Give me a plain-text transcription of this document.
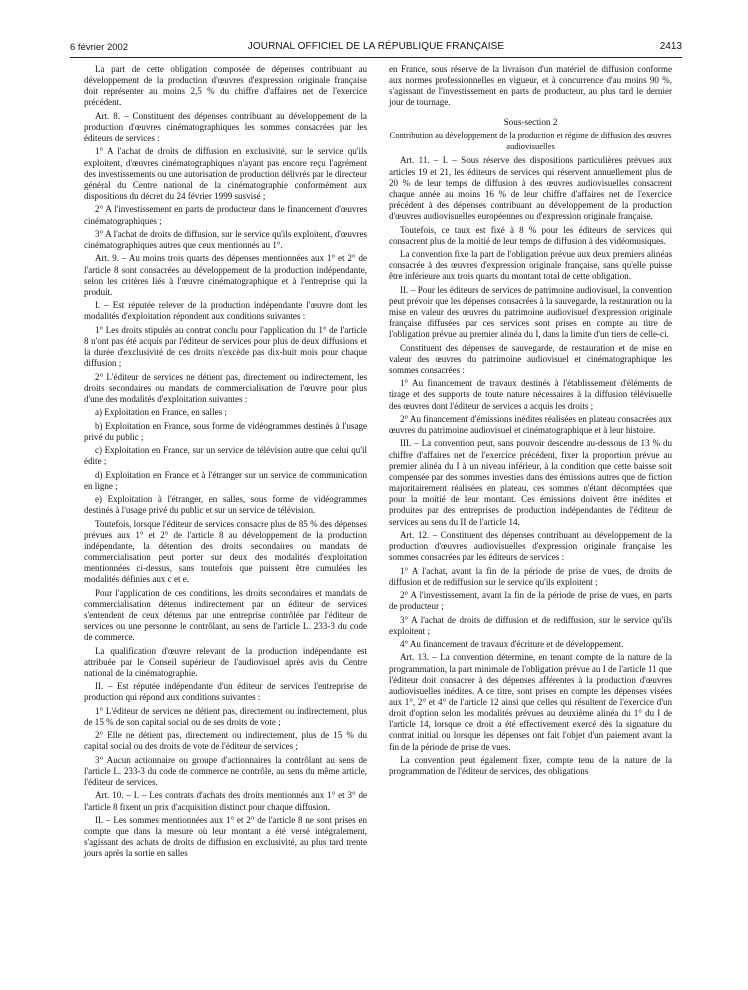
6 février 2002	JOURNAL OFFICIEL DE LA RÉPUBLIQUE FRANÇAISE	2413

La part de cette obligation composée de dépenses contribuant au développement de la production d'œuvres d'expression originale française doit représenter au moins 2,5 % du chiffre d'affaires net de l'exercice précédent.

Art. 8. – Constituent des dépenses contribuant au développement de la production d'œuvres cinématographiques les sommes consacrées par les éditeurs de services :

1° A l'achat de droits de diffusion en exclusivité, sur le service qu'ils exploitent, d'œuvres cinématographiques n'ayant pas encore reçu l'agrément des investissements ou une autorisation de production délivrés par le directeur général du Centre national de la cinématographie conformément aux dispositions du décret du 24 février 1999 susvisé ;

2° A l'investissement en parts de producteur dans le financement d'œuvres cinématographiques ;

3° A l'achat de droits de diffusion, sur le service qu'ils exploitent, d'œuvres cinématographiques autres que ceux mentionnés au 1°.

Art. 9. – Au moins trois quarts des dépenses mentionnées aux 1° et 2° de l'article 8 sont consacrées au développement de la production indépendante, selon les critères liés à l'œuvre cinématographique et à l'entreprise qui la produit.

I. – Est réputée relever de la production indépendante l'œuvre dont les modalités d'exploitation répondent aux conditions suivantes :

1° Les droits stipulés au contrat conclu pour l'application du 1° de l'article 8 n'ont pas été acquis par l'éditeur de services pour plus de deux diffusions et la durée d'exclusivité de ces droits n'excède pas dix-huit mois pour chaque diffusion ;

2° L'éditeur de services ne détient pas, directement ou indirectement, les droits secondaires ou mandats de commercialisation de l'œuvre pour plus d'une des modalités d'exploitation suivantes :

a) Exploitation en France, en salles ;

b) Exploitation en France, sous forme de vidéogrammes destinés à l'usage privé du public ;

c) Exploitation en France, sur un service de télévision autre que celui qu'il édite ;

d) Exploitation en France et à l'étranger sur un service de communication en ligne ;

e) Exploitation à l'étranger, en salles, sous forme de vidéogrammes destinés à l'usage privé du public et sur un service de télévision.

Toutefois, lorsque l'éditeur de services consacre plus de 85 % des dépenses prévues aux 1° et 2° de l'article 8 au développement de la production indépendante, la détention des droits secondaires ou mandats de commercialisation peut porter sur deux des modalités d'exploitation mentionnées ci-dessus, sans toutefois que puissent être cumulées les modalités définies aux c et e.

Pour l'application de ces conditions, les droits secondaires et mandats de commercialisation détenus indirectement par un éditeur de services s'entendent de ceux détenus par une entreprise contrôlée par l'éditeur de services ou une personne le contrôlant, au sens de l'article L. 233-3 du code de commerce.

La qualification d'œuvre relevant de la production indépendante est attribuée par le Conseil supérieur de l'audiovisuel après avis du Centre national de la cinématographie.

II. – Est réputée indépendante d'un éditeur de services l'entreprise de production qui répond aux conditions suivantes :

1° L'éditeur de services ne détient pas, directement ou indirectement, plus de 15 % de son capital social ou de ses droits de vote ;

2° Elle ne détient pas, directement ou indirectement, plus de 15 % du capital social ou des droits de vote de l'éditeur de services ;

3° Aucun actionnaire ou groupe d'actionnaires la contrôlant au sens de l'article L. 233-3 du code de commerce ne contrôle, au sens du même article, l'éditeur de services.

Art. 10. – I. – Les contrats d'achats des droits mentionnés aux 1° et 3° de l'article 8 fixent un prix d'acquisition distinct pour chaque diffusion.

II. – Les sommes mentionnées aux 1° et 2° de l'article 8 ne sont prises en compte que dans la mesure où leur montant a été versé intégralement, s'agissant des achats de droits de diffusion en exclusivité, au plus tard trente jours après la sortie en salles

en France, sous réserve de la livraison d'un matériel de diffusion conforme aux normes professionnelles en vigueur, et à concurrence d'au moins 90 %, s'agissant de l'investissement en parts de producteur, au plus tard le dernier jour de tournage.

Sous-section 2
Contribution au développement de la production et régime de diffusion des œuvres audiovisuelles

Art. 11. – I. – Sous réserve des dispositions particulières prévues aux articles 19 et 21, les éditeurs de services qui réservent annuellement plus de 20 % de leur temps de diffusion à des œuvres audiovisuelles consacrent chaque année au moins 16 % de leur chiffre d'affaires net de l'exercice précédent à des dépenses contribuant au développement de la production d'œuvres audiovisuelles européennes ou d'expression originale française.

Toutefois, ce taux est fixé à 8 % pour les éditeurs de services qui consacrent plus de la moitié de leur temps de diffusion à des vidéomusiques.

La convention fixe la part de l'obligation prévue aux deux premiers alinéas consacrée à des œuvres d'expression originale française, sans qu'elle puisse être inférieure aux trois quarts du montant total de cette obligation.

II. – Pour les éditeurs de services de patrimoine audiovisuel, la convention peut prévoir que les dépenses consacrées à la sauvegarde, la restauration ou la mise en valeur des œuvres du patrimoine audiovisuel d'expression originale française diffusées par ces services sont prises en compte au titre de l'obligation prévue au premier alinéa du I, dans la limite d'un tiers de celle-ci.

Constituent des dépenses de sauvegarde, de restauration et de mise en valeur des œuvres du patrimoine audiovisuel et cinématographique les sommes consacrées :

1° Au financement de travaux destinés à l'établissement d'éléments de tirage et des supports de toute nature nécessaires à la diffusion télévisuelle des œuvres dont l'éditeur de services a acquis les droits ;

2° Au financement d'émissions inédites réalisées en plateau consacrées aux œuvres du patrimoine audiovisuel et cinématographique et à leur histoire.

III. – La convention peut, sans pouvoir descendre au-dessous de 13 % du chiffre d'affaires net de l'exercice précédent, fixer la proportion prévue au premier alinéa du I à un niveau inférieur, à la condition que cette baisse soit compensée par des sommes investies dans des émissions autres que de fiction majoritairement réalisées en plateau, ces sommes n'étant décomptées que pour la moitié de leur montant. Ces émissions doivent être inédites et produites par des entreprises de production indépendantes de l'éditeur de services au sens du II de l'article 14.

Art. 12. – Constituent des dépenses contribuant au développement de la production d'œuvres audiovisuelles d'expression originale française les sommes consacrées par les éditeurs de services :

1° A l'achat, avant la fin de la période de prise de vues, de droits de diffusion et de rediffusion sur le service qu'ils exploitent ;

2° A l'investissement, avant la fin de la période de prise de vues, en parts de producteur ;

3° A l'achat de droits de diffusion et de rediffusion, sur le service qu'ils exploitent ;

4° Au financement de travaux d'écriture et de développement.

Art. 13. – La convention détermine, en tenant compte de la nature de la programmation, la part minimale de l'obligation prévue au I de l'article 11 que l'éditeur doit consacrer à des dépenses afférentes à la production d'œuvres audiovisuelles inédites. A ce titre, sont prises en compte les dépenses visées aux 1°, 2° et 4° de l'article 12 ainsi que celles qui résultent de l'exercice d'un droit d'option selon les modalités prévues au deuxième alinéa du 1° du I de l'article 14, lorsque ce droit a été effectivement exercé dès la signature du contrat initial ou lorsque les dépenses ont fait l'objet d'un paiement avant la fin de la période de prise de vues.

La convention peut également fixer, compte tenu de la nature de la programmation de l'éditeur de services, des obligations
